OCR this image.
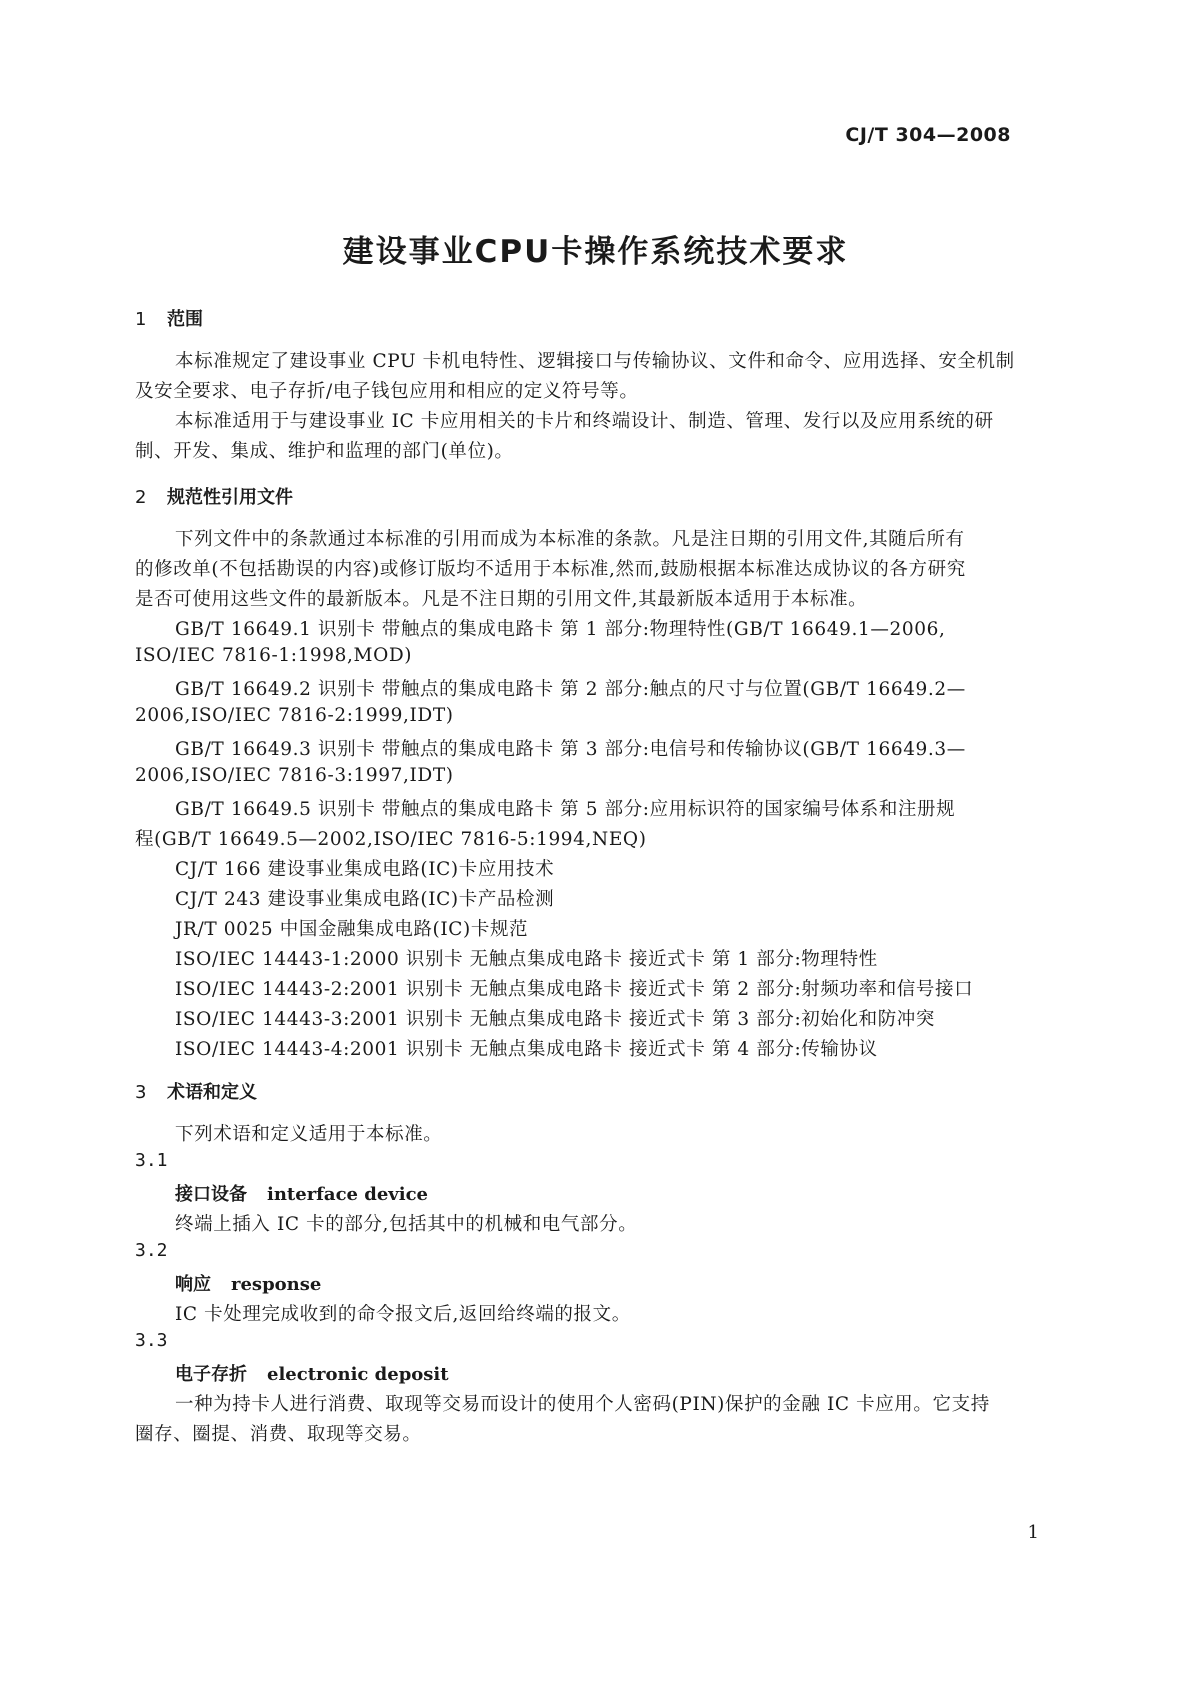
CJ/T 304—2008
建设事业CPU卡操作系统技术要求
1 范围
本标准规定了建设事业 CPU 卡机电特性、逻辑接口与传输协议、文件和命令、应用选择、安全机制
及安全要求、电子存折/电子钱包应用和相应的定义符号等。
本标准适用于与建设事业 IC 卡应用相关的卡片和终端设计、制造、管理、发行以及应用系统的研
制、开发、集成、维护和监理的部门(单位)。
2 规范性引用文件
下列文件中的条款通过本标准的引用而成为本标准的条款。凡是注日期的引用文件,其随后所有
的修改单(不包括勘误的内容)或修订版均不适用于本标准,然而,鼓励根据本标准达成协议的各方研究
是否可使用这些文件的最新版本。凡是不注日期的引用文件,其最新版本适用于本标准。
GB/T 16649.1 识别卡 带触点的集成电路卡 第 1 部分:物理特性(GB/T 16649.1—2006,
ISO/IEC 7816-1:1998,MOD)
GB/T 16649.2 识别卡 带触点的集成电路卡 第 2 部分:触点的尺寸与位置(GB/T 16649.2—
2006,ISO/IEC 7816-2:1999,IDT)
GB/T 16649.3 识别卡 带触点的集成电路卡 第 3 部分:电信号和传输协议(GB/T 16649.3—
2006,ISO/IEC 7816-3:1997,IDT)
GB/T 16649.5 识别卡 带触点的集成电路卡 第 5 部分:应用标识符的国家编号体系和注册规
程(GB/T 16649.5—2002,ISO/IEC 7816-5:1994,NEQ)
CJ/T 166 建设事业集成电路(IC)卡应用技术
CJ/T 243 建设事业集成电路(IC)卡产品检测
JR/T 0025 中国金融集成电路(IC)卡规范
ISO/IEC 14443-1:2000 识别卡 无触点集成电路卡 接近式卡 第 1 部分:物理特性
ISO/IEC 14443-2:2001 识别卡 无触点集成电路卡 接近式卡 第 2 部分:射频功率和信号接口
ISO/IEC 14443-3:2001 识别卡 无触点集成电路卡 接近式卡 第 3 部分:初始化和防冲突
ISO/IEC 14443-4:2001 识别卡 无触点集成电路卡 接近式卡 第 4 部分:传输协议
3 术语和定义
下列术语和定义适用于本标准。
3.1
接口设备 interface device
终端上插入 IC 卡的部分,包括其中的机械和电气部分。
3.2
响应 response
IC 卡处理完成收到的命令报文后,返回给终端的报文。
3.3
电子存折 electronic deposit
一种为持卡人进行消费、取现等交易而设计的使用个人密码(PIN)保护的金融 IC 卡应用。它支持
圈存、圈提、消费、取现等交易。
1
